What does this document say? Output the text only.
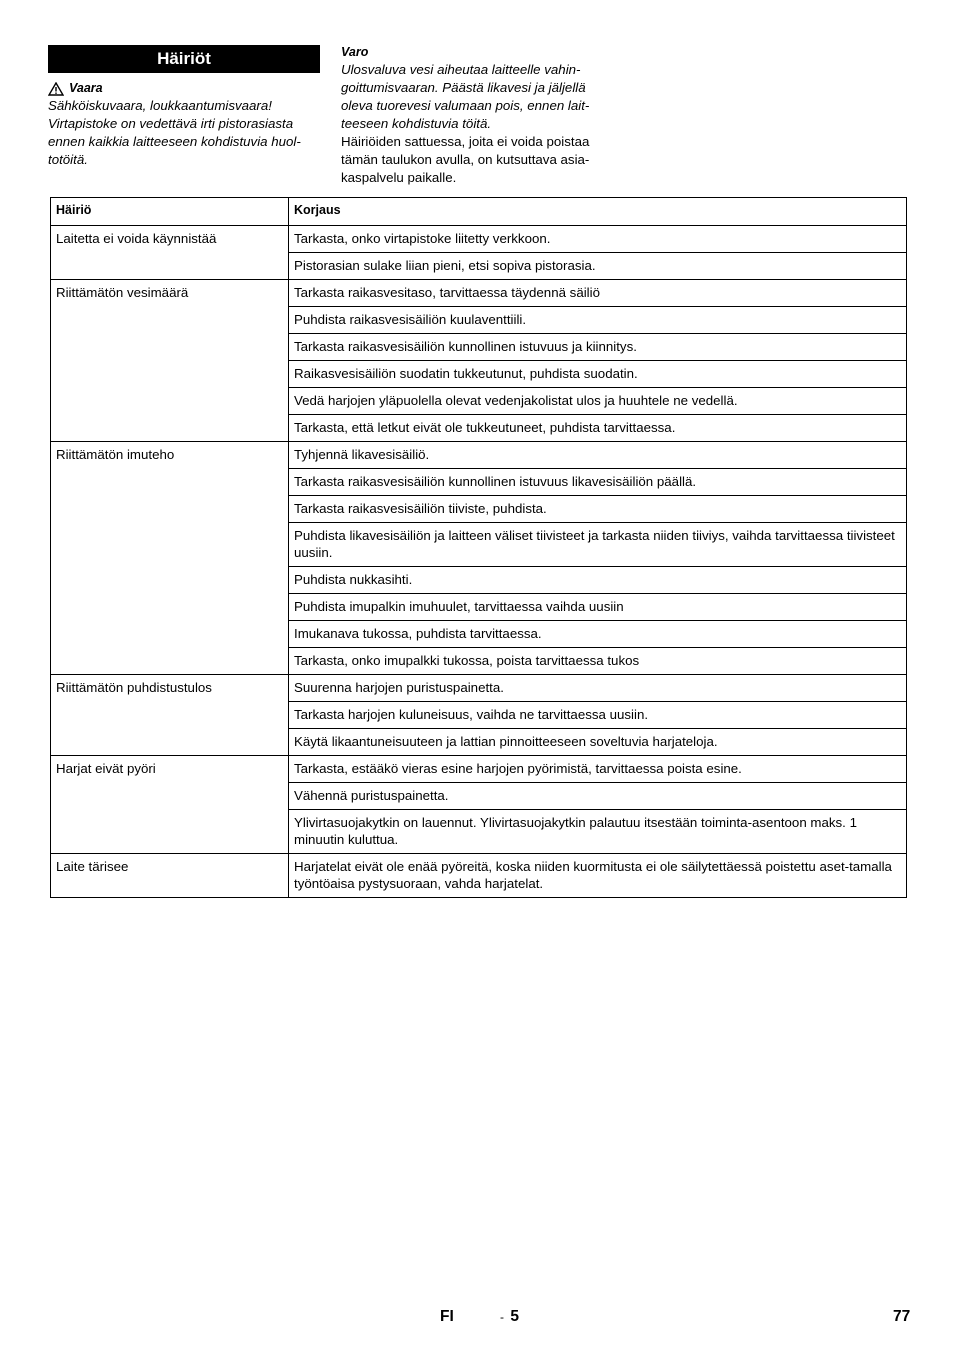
Häiriöt
Vaara
Sähköiskuvaara, loukkaantumisvaara!
Virtapistoke on vedettävä irti pistorasiasta
ennen kaikkia laitteeseen kohdistuvia huol-
totöitä.
Varo
Ulosvaluva vesi aiheutaa laitteelle vahin-
goittumisvaaran. Päästä likavesi ja jäljellä
oleva tuorevesi valumaan pois, ennen lait-
teeseen kohdistuvia töitä.
Häiriöiden sattuessa, joita ei voida poistaa
tämän taulukon avulla, on kutsuttava asia-
kaspalvelu paikalle.
Häiriö	Korjaus
Laitetta ei voida käynnistää	Tarkasta, onko virtapistoke liitetty verkkoon.
	Pistorasian sulake liian pieni, etsi sopiva pistorasia.
Riittämätön vesimäärä	Tarkasta raikasvesitaso, tarvittaessa täydennä säiliö
	Puhdista raikasvesisäiliön kuulaventtiili.
	Tarkasta raikasvesisäiliön kunnollinen istuvuus ja kiinnitys.
	Raikasvesisäiliön suodatin tukkeutunut, puhdista suodatin.
	Vedä harjojen yläpuolella olevat vedenjakolistat ulos ja huuhtele ne vedellä.
	Tarkasta, että letkut eivät ole tukkeutuneet, puhdista tarvittaessa.
Riittämätön imuteho	Tyhjennä likavesisäiliö.
	Tarkasta raikasvesisäiliön kunnollinen istuvuus likavesisäiliön päällä.
	Tarkasta raikasvesisäiliön tiiviste, puhdista.
	Puhdista likavesisäiliön ja laitteen väliset tiivisteet ja tarkasta niiden tiiviys, vaihda tarvittaessa tiivisteet uusiin.
	Puhdista nukkasihti.
	Puhdista imupalkin imuhuulet, tarvittaessa vaihda uusiin
	Imukanava tukossa, puhdista tarvittaessa.
	Tarkasta, onko imupalkki tukossa, poista tarvittaessa tukos
Riittämätön puhdistustulos	Suurenna harjojen puristuspainetta.
	Tarkasta harjojen kuluneisuus, vaihda ne tarvittaessa uusiin.
	Käytä likaantuneisuuteen ja lattian pinnoitteeseen soveltuvia harjateloja.
Harjat eivät pyöri	Tarkasta, estääkö vieras esine harjojen pyörimistä, tarvittaessa poista esine.
	Vähennä puristuspainetta.
	Ylivirtasuojakytkin on lauennut. Ylivirtasuojakytkin palautuu itsestään toiminta-asentoon maks. 1 minuutin kuluttua.
Laite tärisee	Harjatelat eivät ole enää pyöreitä, koska niiden kuormitusta ei ole säilytettäessä poistettu aset-tamalla työntöaisa pystysuoraan, vahda harjatelat.
FI	- 5	77
